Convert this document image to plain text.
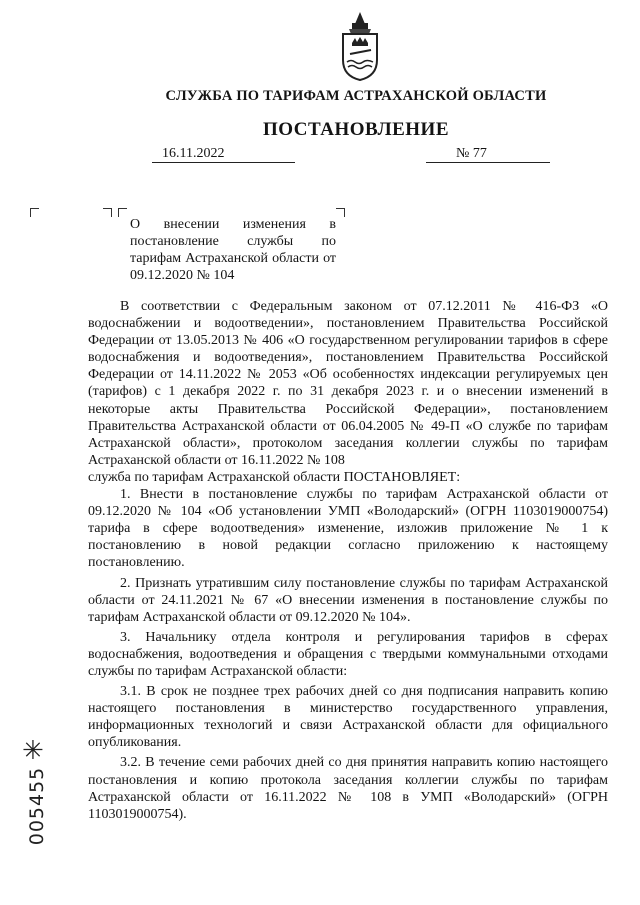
СЛУЖБА ПО ТАРИФАМ АСТРАХАНСКОЙ ОБЛАСТИ
ПОСТАНОВЛЕНИЕ
16.11.2022	№ 77
О внесении изменения в постановление службы по тарифам Астраханской области от 09.12.2020 № 104

В соответствии с Федеральным законом от 07.12.2011 № 416-ФЗ «О водоснабжении и водоотведении», постановлением Правительства Российской Федерации от 13.05.2013 № 406 «О государственном регулировании тарифов в сфере водоснабжения и водоотведения», постановлением Правительства Российской Федерации от 14.11.2022 № 2053 «Об особенностях индексации регулируемых цен (тарифов) с 1 декабря 2022 г. по 31 декабря 2023 г. и о внесении изменений в некоторые акты Правительства Российской Федерации», постановлением Правительства Астраханской области от 06.04.2005 № 49-П «О службе по тарифам Астраханской области», протоколом заседания коллегии службы по тарифам Астраханской области от 16.11.2022 № 108

служба по тарифам Астраханской области ПОСТАНОВЛЯЕТ:

1. Внести в постановление службы по тарифам Астраханской области от 09.12.2020 № 104 «Об установлении УМП «Володарский» (ОГРН 1103019000754) тарифа в сфере водоотведения» изменение, изложив приложение № 1 к постановлению в новой редакции согласно приложению к настоящему постановлению.

2. Признать утратившим силу постановление службы по тарифам Астраханской области от 24.11.2021 № 67 «О внесении изменения в постановление службы по тарифам Астраханской области от 09.12.2020 № 104».

3. Начальнику отдела контроля и регулирования тарифов в сферах водоснабжения, водоотведения и обращения с твердыми коммунальными отходами службы по тарифам Астраханской области:

3.1. В срок не позднее трех рабочих дней со дня подписания направить копию настоящего постановления в министерство государственного управления, информационных технологий и связи Астраханской области для официального опубликования.

3.2. В течение семи рабочих дней со дня принятия направить копию настоящего постановления и копию протокола заседания коллегии службы по тарифам Астраханской области от 16.11.2022 № 108 в УМП «Володарский» (ОГРН 1103019000754).

✳
005455
